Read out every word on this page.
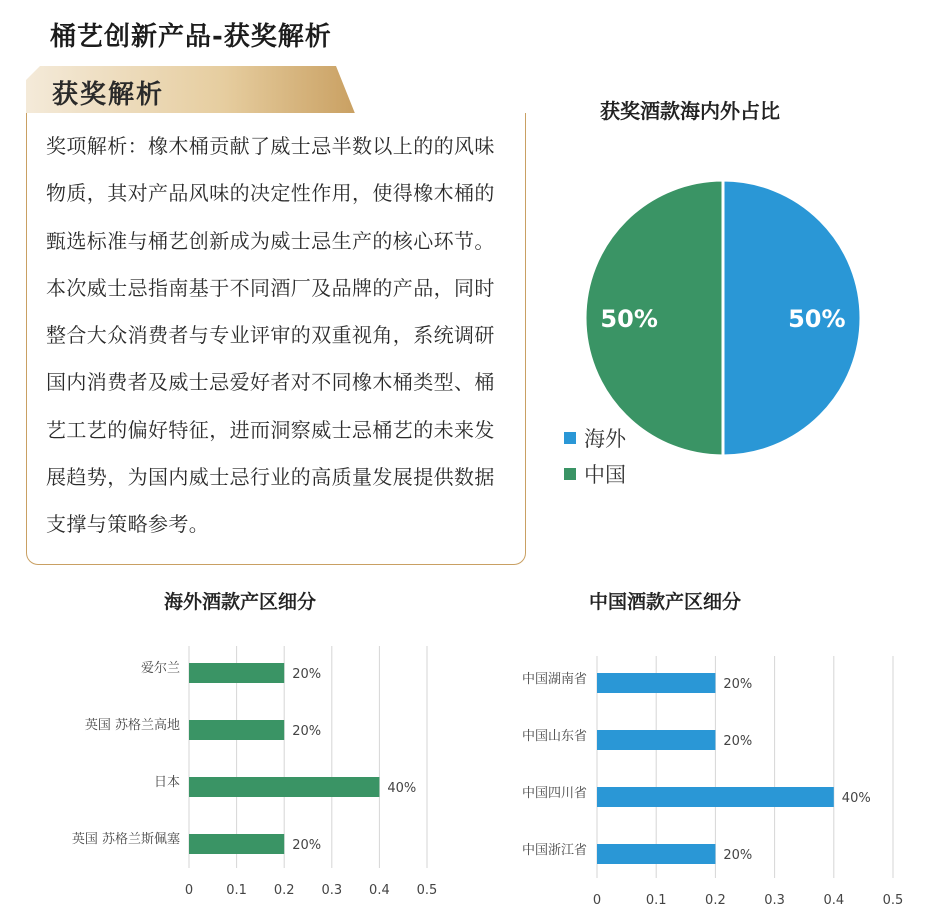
桶艺创新产品-获奖解析
获奖解析
奖项解析：橡木桶贡献了威士忌半数以上的的风味物质，其对产品风味的决定性作用，使得橡木桶的甄选标准与桶艺创新成为威士忌生产的核心环节。本次威士忌指南基于不同酒厂及品牌的产品，同时整合大众消费者与专业评审的双重视角，系统调研国内消费者及威士忌爱好者对不同橡木桶类型、桶艺工艺的偏好特征，进而洞察威士忌桶艺的未来发展趋势，为国内威士忌行业的高质量发展提供数据支撑与策略参考。
获奖酒款海内外占比
50%
50%
海外
中国
海外酒款产区细分
0	0.1 0.2 0.3 0.4 0.5
爱尔兰	20%
英国 苏格兰高地	20%
日本	40%
英国 苏格兰斯佩塞	20%
中国酒款产区细分
0	0.1	0.2	0.3	0.4	0.5
中国湖南省	20%
中国山东省	20%
中国四川省	40%
中国浙江省	20%
